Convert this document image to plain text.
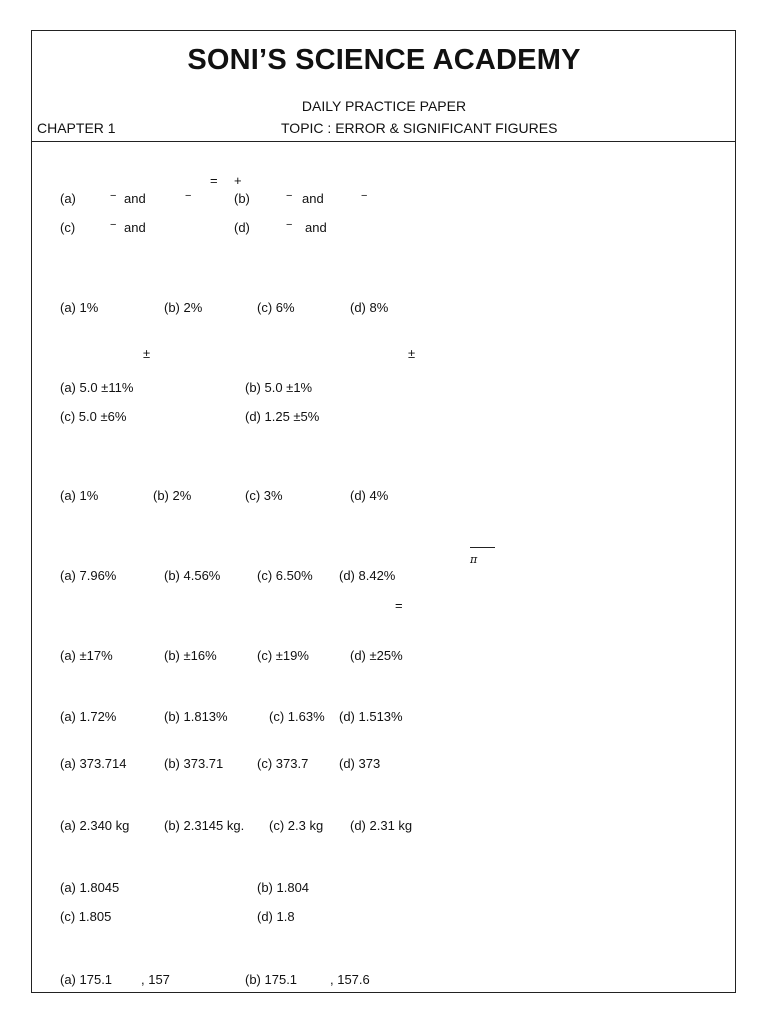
SONI’S SCIENCE ACADEMY
DAILY PRACTICE PAPER
CHAPTER 1	TOPIC : ERROR & SIGNIFICANT FIGURES
= +
(a)	− and	−	(b)	− and	−
(c)	− and	(d)	− and
(a) 1%	(b) 2%	(c) 6%	(d) 8%
±	±
(a) 5.0 ±11%	(b) 5.0 ±1%
(c) 5.0 ±6%	(d) 1.25 ±5%
(a) 1%	(b) 2%	(c) 3%	(d) 4%
π
(a) 7.96%	(b) 4.56%	(c) 6.50% (d) 8.42%
=
(a) ±17%	(b) ±16%	(c) ±19%	(d) ±25%
(a) 1.72%	(b) 1.813%	(c) 1.63% (d) 1.513%
(a) 373.714	(b) 373.71	(c) 373.7 (d) 373
(a) 2.340 kg	(b) 2.3145 kg. (c) 2.3 kg (d) 2.31 kg
(a) 1.8045	(b) 1.804
(c) 1.805	(d) 1.8
(a) 175.1 , 157	(b) 175.1	, 157.6
